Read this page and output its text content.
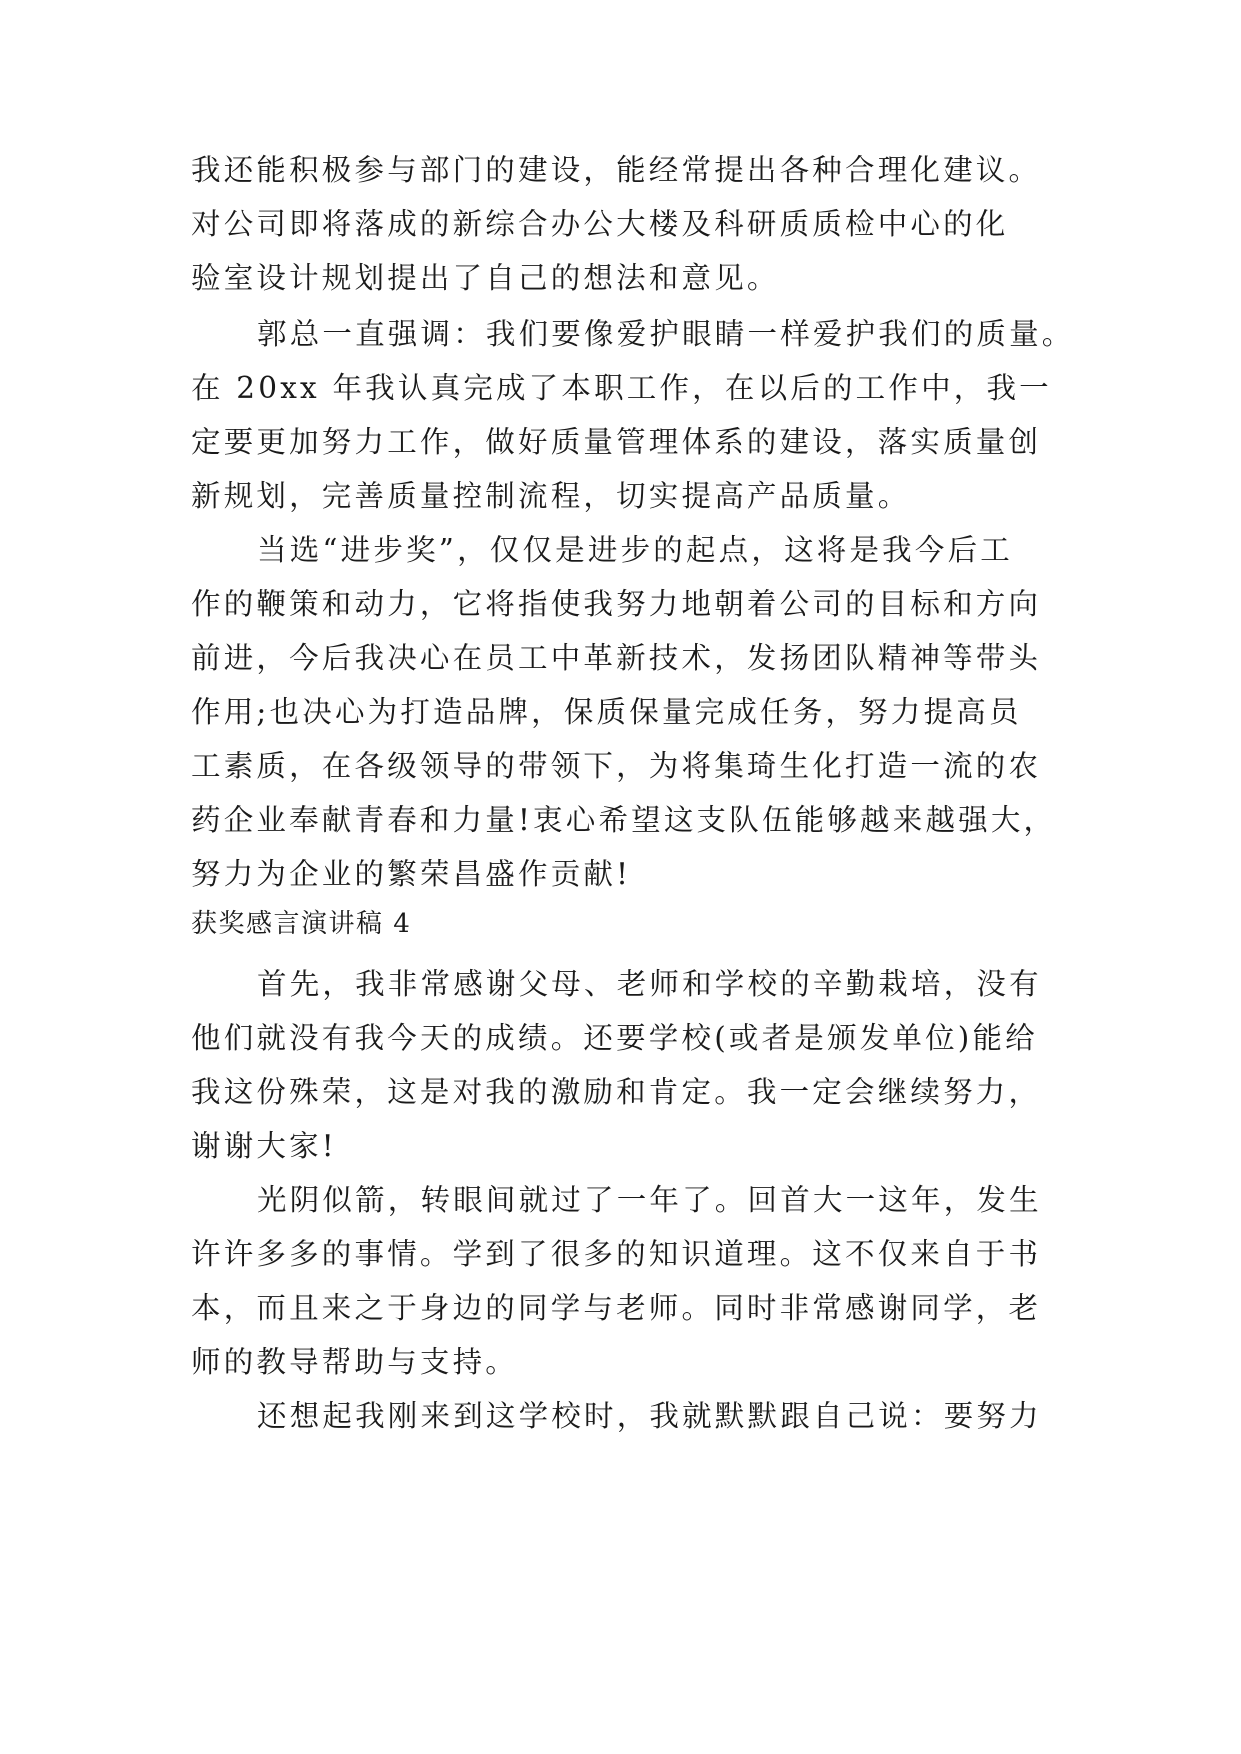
我还能积极参与部门的建设，能经常提出各种合理化建议。
对公司即将落成的新综合办公大楼及科研质质检中心的化
验室设计规划提出了自己的想法和意见。
郭总一直强调：我们要像爱护眼睛一样爱护我们的质量。
在 20xx 年我认真完成了本职工作，在以后的工作中，我一
定要更加努力工作，做好质量管理体系的建设，落实质量创
新规划，完善质量控制流程，切实提高产品质量。
当选“进步奖”，仅仅是进步的起点，这将是我今后工
作的鞭策和动力，它将指使我努力地朝着公司的目标和方向
前进，今后我决心在员工中革新技术，发扬团队精神等带头
作用;也决心为打造品牌，保质保量完成任务，努力提高员
工素质，在各级领导的带领下，为将集琦生化打造一流的农
药企业奉献青春和力量!衷心希望这支队伍能够越来越强大，
努力为企业的繁荣昌盛作贡献!
获奖感言演讲稿 4
首先，我非常感谢父母、老师和学校的辛勤栽培，没有
他们就没有我今天的成绩。还要学校(或者是颁发单位)能给
我这份殊荣，这是对我的激励和肯定。我一定会继续努力，
谢谢大家!
光阴似箭，转眼间就过了一年了。回首大一这年，发生
许许多多的事情。学到了很多的知识道理。这不仅来自于书
本，而且来之于身边的同学与老师。同时非常感谢同学，老
师的教导帮助与支持。
还想起我刚来到这学校时，我就默默跟自己说：要努力
